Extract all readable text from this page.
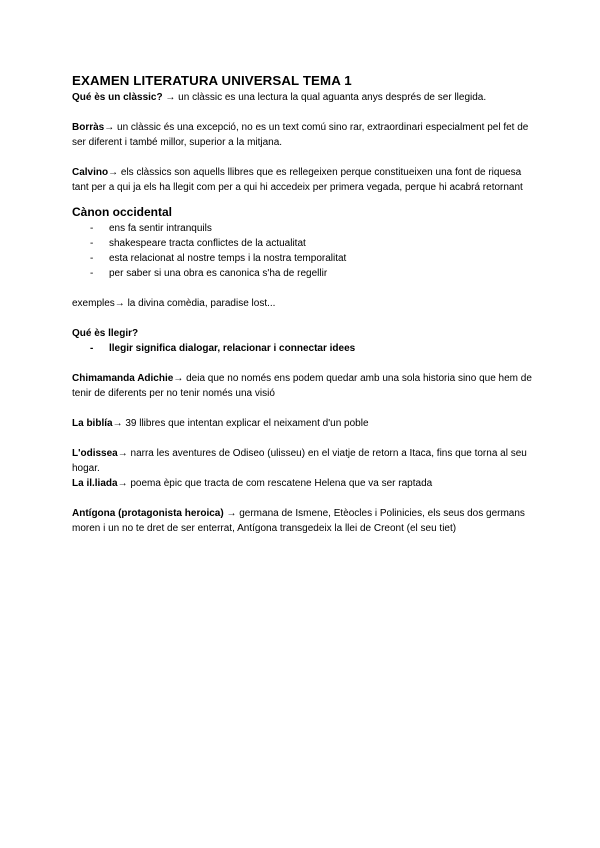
EXAMEN LITERATURA UNIVERSAL TEMA 1

Qué ès un clàssic? → un clàssic es una lectura la qual aguanta anys després de ser llegida.

Borràs→ un clàssic és una excepció, no es un text comú sino rar, extraordinari especialment pel fet de ser diferent i també millor, superior a la mitjana.

Calvino→ els clàssics son aquells llibres que es rellegeixen perque constitueixen una font de riquesa tant per a qui ja els ha llegit com per a qui hi accedeix per primera vegada, perque hi acabrá retornant

Cànon occidental
- ens fa sentir intranquils
- shakespeare tracta conflictes de la actualitat
- esta relacionat al nostre temps i la nostra temporalitat
- per saber si una obra es canonica s'ha de regellir

exemples→ la divina comèdia, paradise lost...

Qué ès llegir?

- llegir significa dialogar, relacionar i connectar idees

Chimamanda Adichie→ deia que no només ens podem quedar amb una sola historia sino que hem de tenir de diferents per no tenir només una visió

La biblía→ 39 llibres que intentan explicar el neixament d'un poble

L'odissea→ narra les aventures de Odiseo (ulisseu) en el viatje de retorn a Itaca, fins que torna al seu hogar.

La il.liada→ poema èpic que tracta de com rescatene Helena que va ser raptada

Antígona (protagonista heroica) → germana de Ismene, Etèocles i Polinicies, els seus dos germans moren i un no te dret de ser enterrat, Antígona transgedeix la llei de Creont (el seu tiet)
